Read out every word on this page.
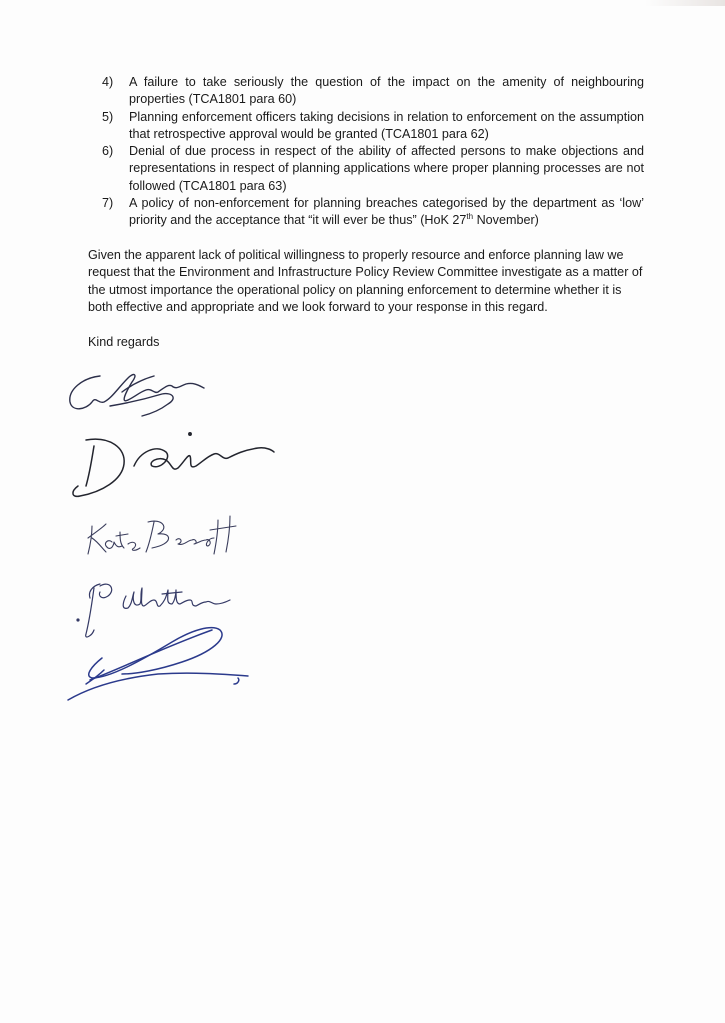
4) A failure to take seriously the question of the impact on the amenity of neighbouring properties (TCA1801 para 60)
5) Planning enforcement officers taking decisions in relation to enforcement on the assumption that retrospective approval would be granted (TCA1801 para 62)
6) Denial of due process in respect of the ability of affected persons to make objections and representations in respect of planning applications where proper planning processes are not followed (TCA1801 para 63)
7) A policy of non-enforcement for planning breaches categorised by the department as ‘low’ priority and the acceptance that “it will ever be thus” (HoK 27th November)

Given the apparent lack of political willingness to properly resource and enforce planning law we request that the Environment and Infrastructure Policy Review Committee investigate as a matter of the utmost importance the operational policy on planning enforcement to determine whether it is both effective and appropriate and we look forward to your response in this regard.

Kind regards
